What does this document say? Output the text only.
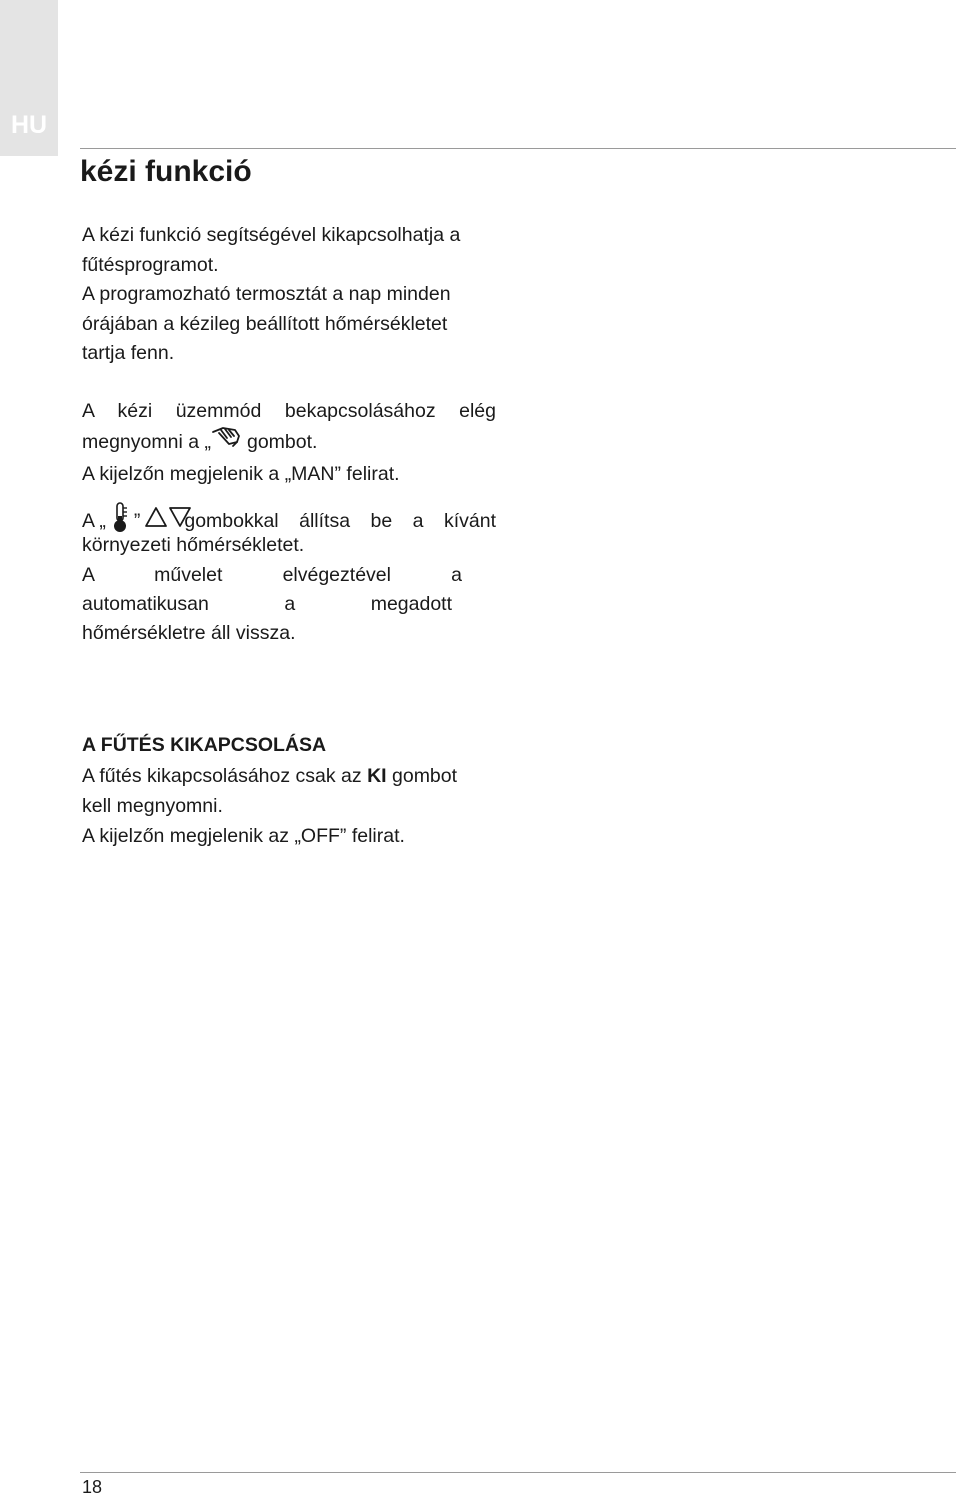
HU
kézi funkció
A kézi funkció segítségével kikapcsolhatja a
fűtésprogramot.
A programozható termosztát a nap minden
órájában a kézileg beállított hőmérsékletet
tartja fenn.
A kézi üzemmód bekapcsolásához elég
megnyomni a „ gombot.
A kijelzőn megjelenik a „MAN” felirat.
A „ ” gombokkal állítsa be a kívánt
környezeti hőmérsékletet.
A művelet elvégeztével a
automatikusan a megadott
hőmérsékletre áll vissza.
A FŰTÉS KIKAPCSOLÁSA
A fűtés kikapcsolásához csak az KI gombot
kell megnyomni.
A kijelzőn megjelenik az „OFF” felirat.
18
